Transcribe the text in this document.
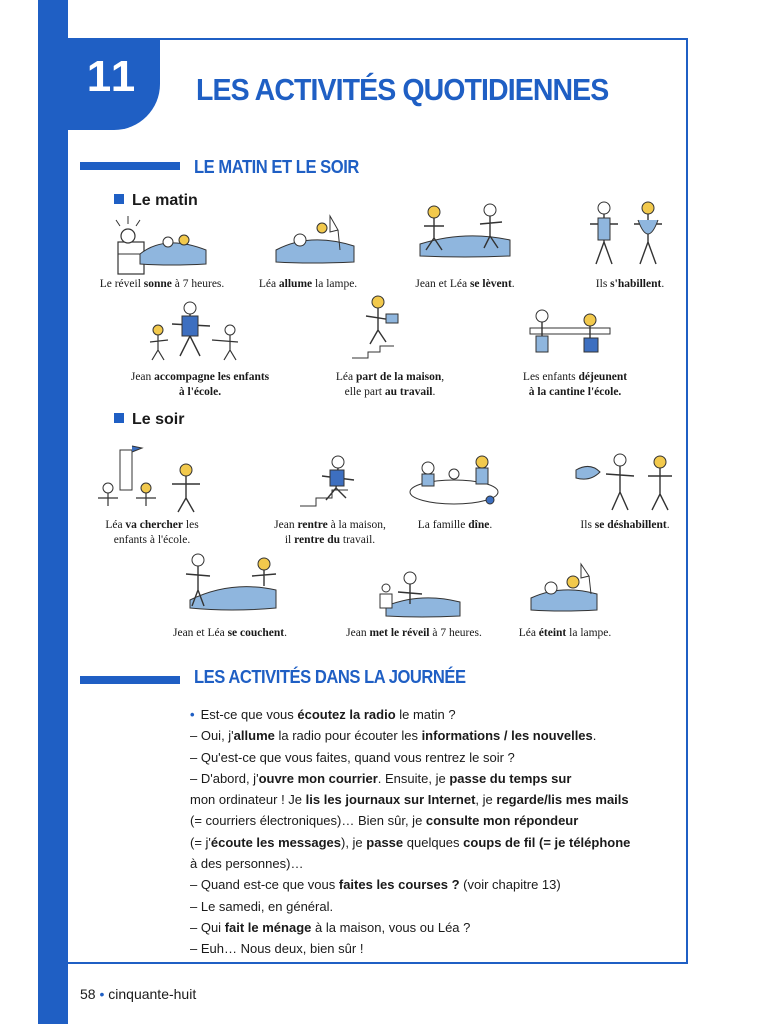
11	LES ACTIVITÉS QUOTIDIENNES
LE MATIN ET LE SOIR
Le matin
Le réveil sonne à 7 heures.	Léa allume la lampe.	Jean et Léa se lèvent.	Ils s'habillent.
Jean accompagne les enfants
à l'école.
Léa part de la maison,
elle part au travail.
Les enfants déjeunent
à la cantine l'école.
Le soir
Léa va chercher les
enfants à l'école.
Jean rentre à la maison,
il rentre du travail.
La famille dîne.	Ils se déshabillent.
Jean et Léa se couchent.	Jean met le réveil à 7 heures.	Léa éteint la lampe.
LES ACTIVITÉS DANS LA JOURNÉE
• Est-ce que vous écoutez la radio le matin ?
– Oui, j'allume la radio pour écouter les informations / les nouvelles.
– Qu'est-ce que vous faites, quand vous rentrez le soir ?
– D'abord, j'ouvre mon courrier. Ensuite, je passe du temps sur
mon ordinateur ! Je lis les journaux sur Internet, je regarde/lis mes mails
(= courriers électroniques)… Bien sûr, je consulte mon répondeur
(= j'écoute les messages), je passe quelques coups de fil (= je téléphone
à des personnes)…
– Quand est-ce que vous faites les courses ? (voir chapitre 13)
– Le samedi, en général.
– Qui fait le ménage à la maison, vous ou Léa ?
– Euh… Nous deux, bien sûr !
58 • cinquante-huit
